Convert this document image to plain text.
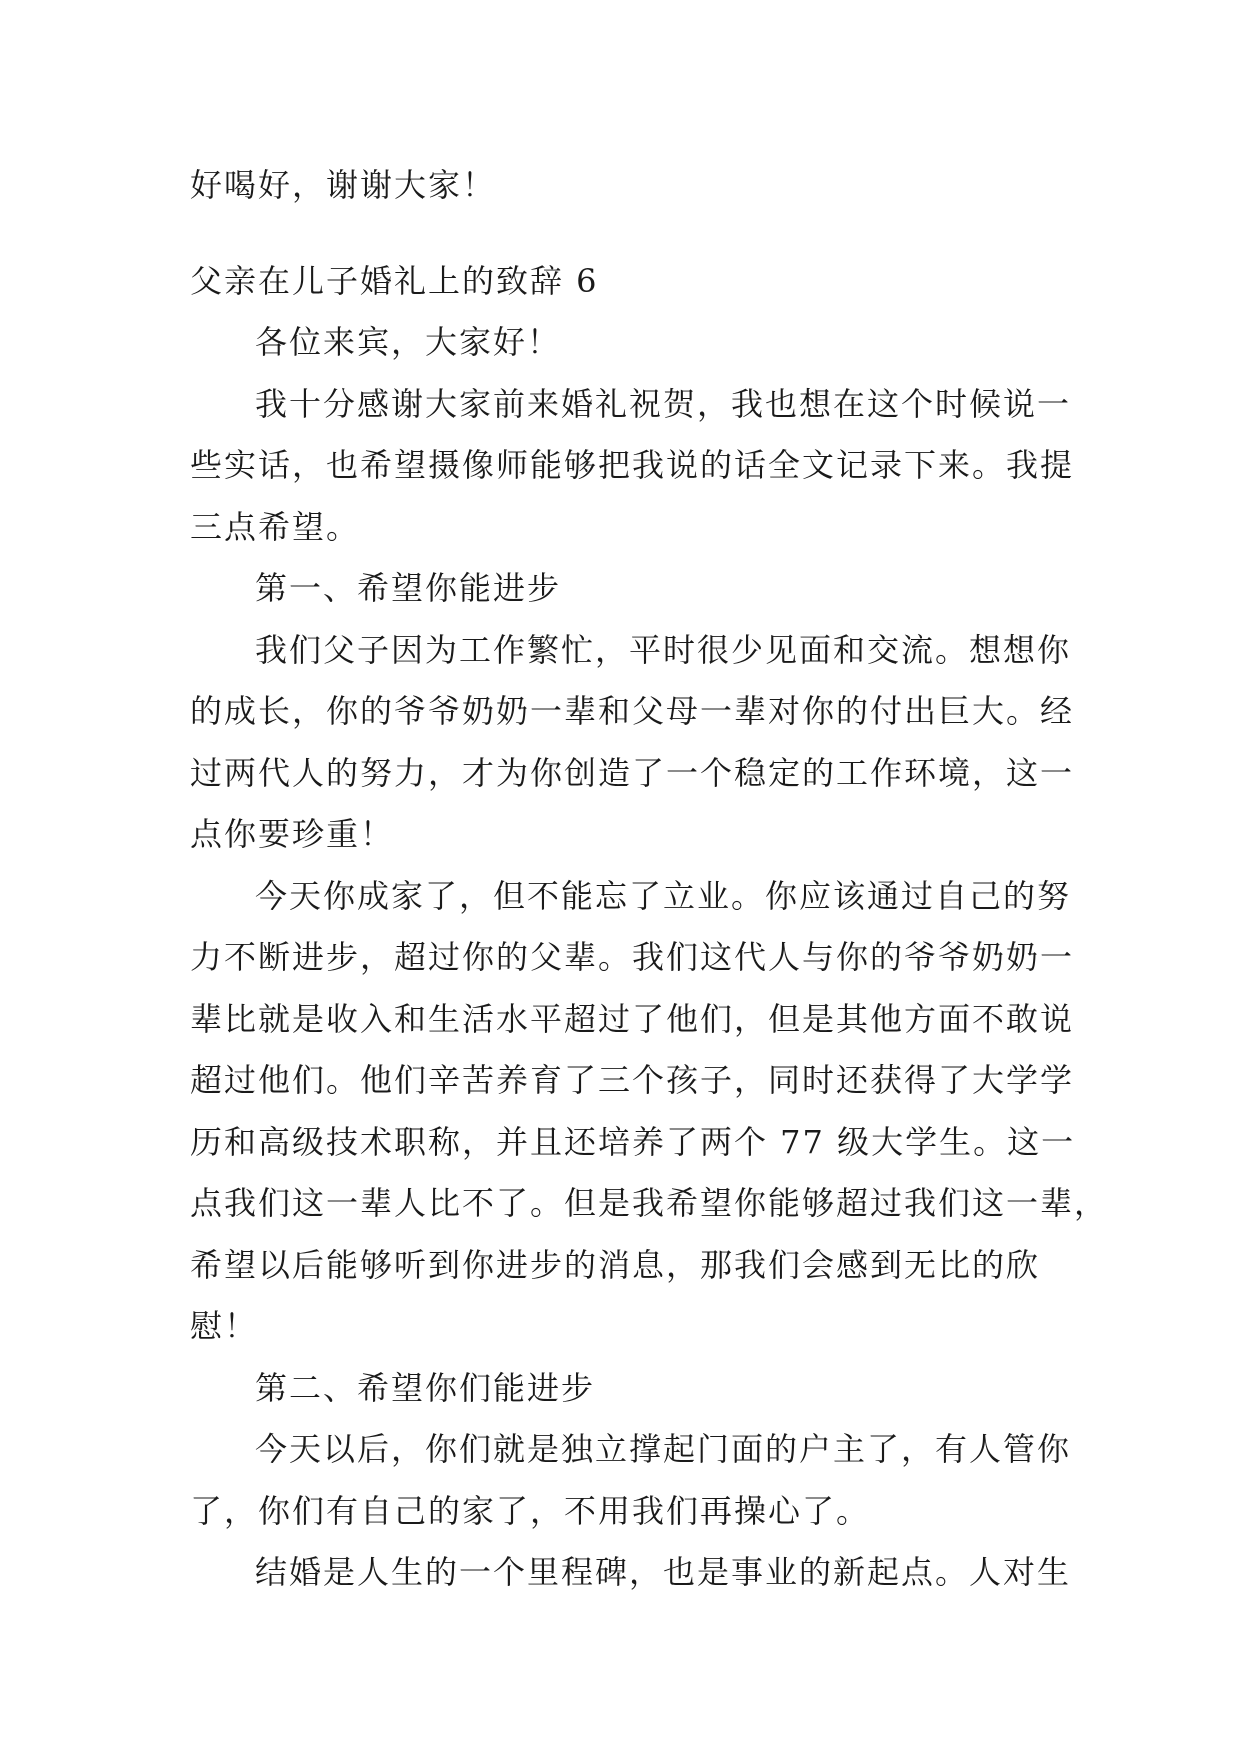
好喝好，谢谢大家！
父亲在儿子婚礼上的致辞 6
各位来宾，大家好！
我十分感谢大家前来婚礼祝贺，我也想在这个时候说一
些实话，也希望摄像师能够把我说的话全文记录下来。我提
三点希望。
第一、希望你能进步
我们父子因为工作繁忙，平时很少见面和交流。想想你
的成长，你的爷爷奶奶一辈和父母一辈对你的付出巨大。经
过两代人的努力，才为你创造了一个稳定的工作环境，这一
点你要珍重！
今天你成家了，但不能忘了立业。你应该通过自己的努
力不断进步，超过你的父辈。我们这代人与你的爷爷奶奶一
辈比就是收入和生活水平超过了他们，但是其他方面不敢说
超过他们。他们辛苦养育了三个孩子，同时还获得了大学学
历和高级技术职称，并且还培养了两个 77 级大学生。这一
点我们这一辈人比不了。但是我希望你能够超过我们这一辈，
希望以后能够听到你进步的消息，那我们会感到无比的欣
慰！
第二、希望你们能进步
今天以后，你们就是独立撑起门面的户主了，有人管你
了，你们有自己的家了，不用我们再操心了。
结婚是人生的一个里程碑，也是事业的新起点。人对生
